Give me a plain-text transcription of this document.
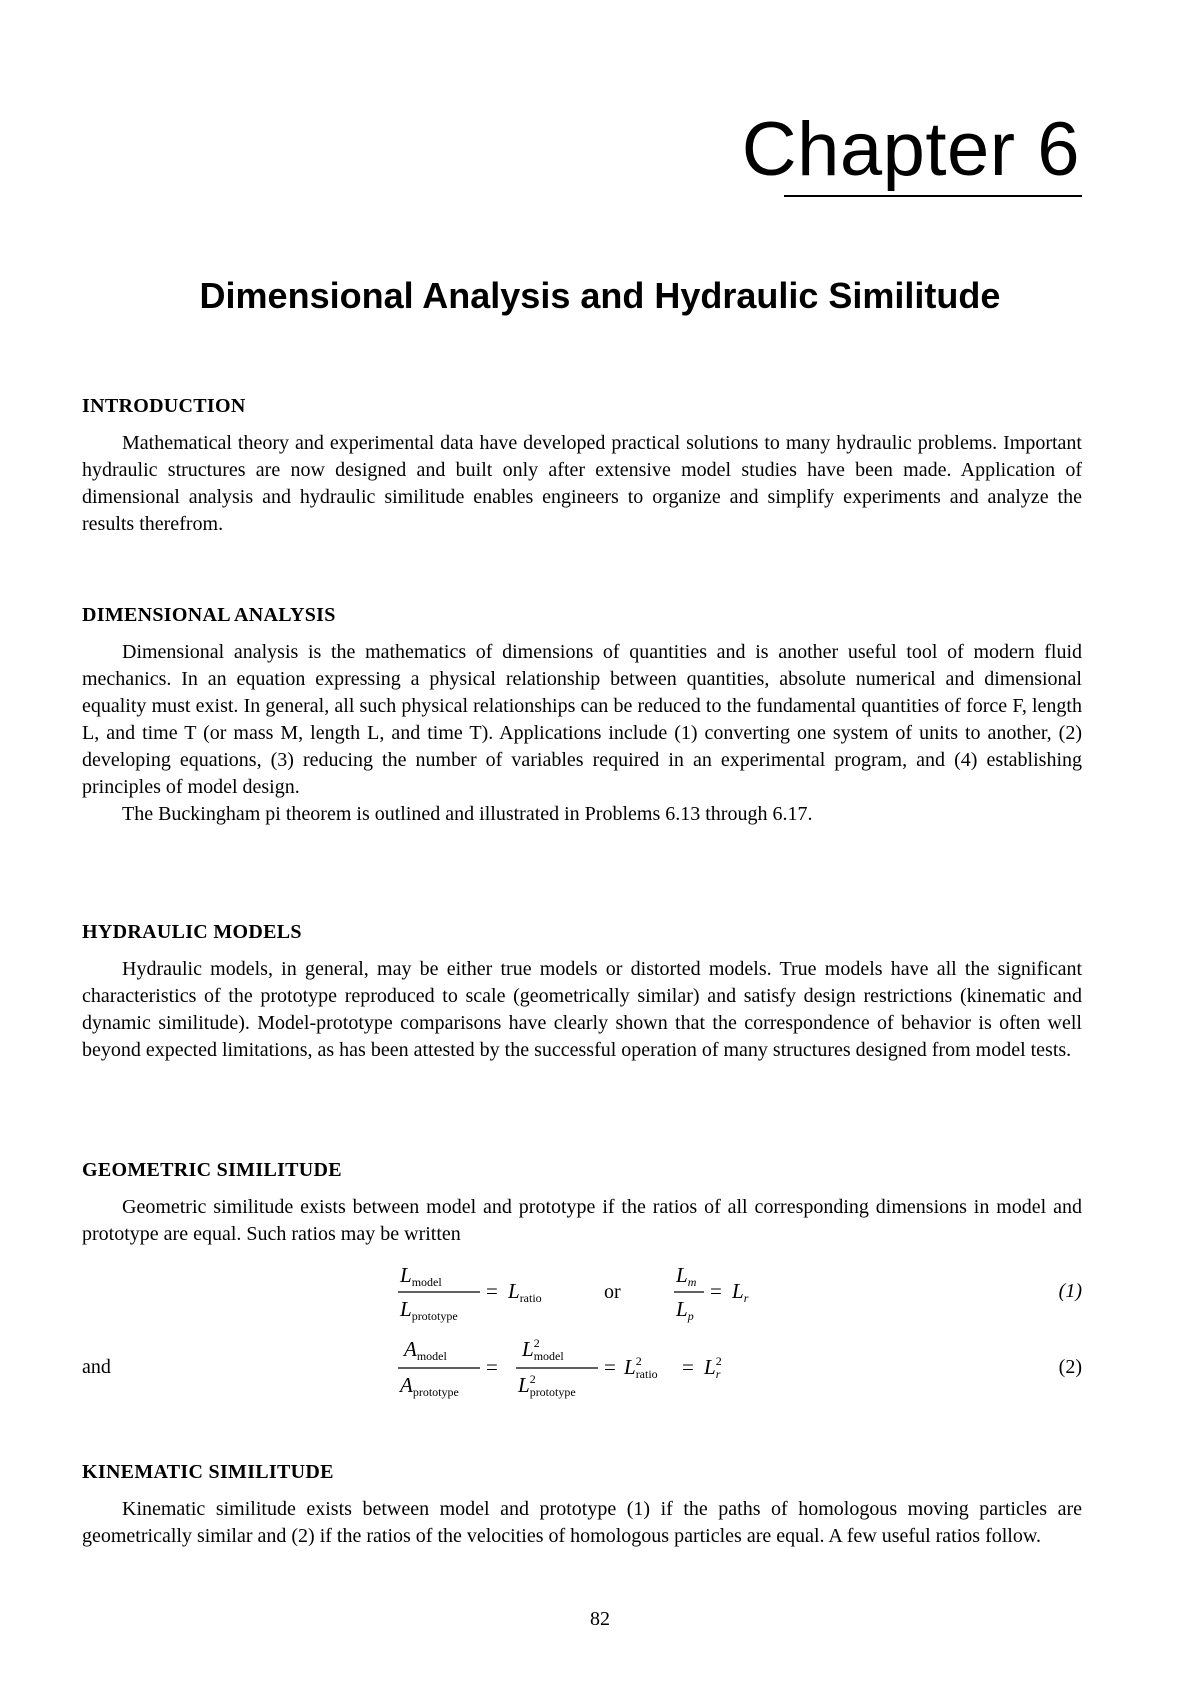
Chapter 6
Dimensional Analysis and Hydraulic Similitude
INTRODUCTION

Mathematical theory and experimental data have developed practical solutions to many hydraulic problems. Important hydraulic structures are now designed and built only after extensive model studies have been made. Application of dimensional analysis and hydraulic similitude enables engineers to organize and simplify experiments and analyze the results therefrom.

DIMENSIONAL ANALYSIS

Dimensional analysis is the mathematics of dimensions of quantities and is another useful tool of modern fluid mechanics. In an equation expressing a physical relationship between quantities, absolute numerical and dimensional equality must exist. In general, all such physical relationships can be reduced to the fundamental quantities of force F, length L, and time T (or mass M, length L, and time T). Applications include (1) converting one system of units to another, (2) developing equations, (3) reducing the number of variables required in an experimental program, and (4) establishing principles of model design.

The Buckingham pi theorem is outlined and illustrated in Problems 6.13 through 6.17.

HYDRAULIC MODELS

Hydraulic models, in general, may be either true models or distorted models. True models have all the significant characteristics of the prototype reproduced to scale (geometrically similar) and satisfy design restrictions (kinematic and dynamic similitude). Model-prototype comparisons have clearly shown that the correspondence of behavior is often well beyond expected limitations, as has been attested by the successful operation of many structures designed from model tests.

GEOMETRIC SIMILITUDE

Geometric similitude exists between model and prototype if the ratios of all corresponding dimensions in model and prototype are equal. Such ratios may be written

Lmodel
Lprototype
= Lratio	or
Lm
Lp
= Lr	(1)
and
Amodel
Aprototype
=
$L^2$ model
$L^2$ prototype
= $L^2$ ratio = $L^2$ r	(2)
KINEMATIC SIMILITUDE

Kinematic similitude exists between model and prototype (1) if the paths of homologous moving particles are geometrically similar and (2) if the ratios of the velocities of homologous particles are equal. A few useful ratios follow.

82
